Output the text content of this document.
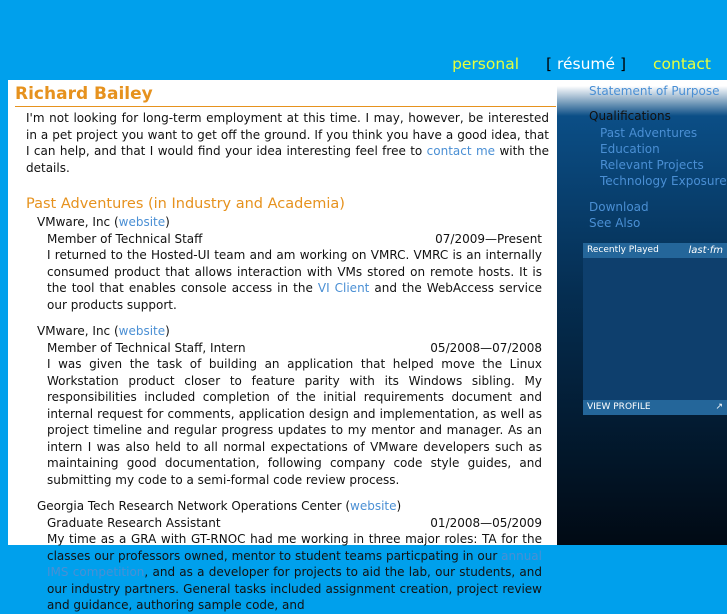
personal [ résumé ] contact
Richard Bailey

I'm not looking for long-term employment at this time. I may, however, be interested in a pet project you want to get off the ground. If you think you have a good idea, that I can help, and that I would find your idea interesting feel free to contact me with the details.

Past Adventures (in Industry and Academia)
VMware, Inc (website)
Member of Technical Staff	07/2009—Present

I returned to the Hosted-UI team and am working on VMRC. VMRC is an internally consumed product that allows interaction with VMs stored on remote hosts. It is the tool that enables console access in the VI Client and the WebAccess service our products support.

VMware, Inc (website)
Member of Technical Staff, Intern	05/2008—07/2008

I was given the task of building an application that helped move the Linux Workstation product closer to feature parity with its Windows sibling. My responsibilities included completion of the initial requirements document and internal request for comments, application design and implementation, as well as project timeline and regular progress updates to my mentor and manager. As an intern I was also held to all normal expectations of VMware developers such as maintaining good documentation, following company code style guides, and submitting my code to a semi-formal code review process.

Georgia Tech Research Network Operations Center (website)
Graduate Research Assistant	01/2008—05/2009

My time as a GRA with GT-RNOC had me working in three major roles: TA for the classes our professors owned, mentor to student teams particpating in our annual IMS competition, and as a developer for projects to aid the lab, our students, and our industry partners. General tasks included assignment creation, project review and guidance, authoring sample code, and

Statement of Purpose
Qualifications
Past Adventures
Education
Relevant Projects
Technology Exposure
Download
See Also
Recently Played	last·fm
VIEW PROFILE	↗
